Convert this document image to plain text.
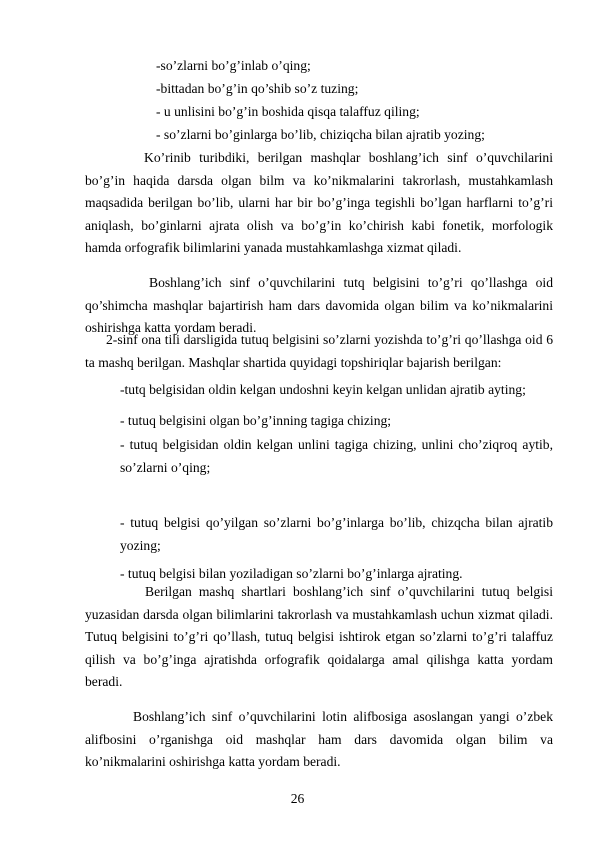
-so’zlarni bo’g’inlab o’qing;
-bittadan bo’g’in qo’shib so’z tuzing;
- u unlisini bo’g’in boshida qisqa talaffuz qiling;
- so’zlarni bo’ginlarga bo’lib, chiziqcha bilan ajratib yozing;
Ko’rinib turibdiki, berilgan mashqlar boshlang’ich sinf o’quvchilarini bo’g’in haqida darsda olgan bilm va ko’nikmalarini takrorlash, mustahkamlash maqsadida berilgan bo’lib, ularni har bir bo’g’inga tegishli bo’lgan harflarni to’g’ri aniqlash, bo’ginlarni ajrata olish va bo’g’in ko’chirish kabi fonetik, morfologik hamda orfografik bilimlarini yanada mustahkamlashga xizmat qiladi.
Boshlang’ich sinf o’quvchilarini tutq belgisini to’g’ri qo’llashga oid qo’shimcha mashqlar bajartirish ham dars davomida olgan bilim va ko’nikmalarini oshirishga katta yordam beradi.
2-sinf ona tili darsligida tutuq belgisini so’zlarni yozishda to’g’ri qo’llashga oid 6 ta mashq berilgan. Mashqlar shartida quyidagi topshiriqlar bajarish berilgan:
-tutq belgisidan oldin kelgan undoshni keyin kelgan unlidan ajratib ayting;
- tutuq belgisini olgan bo’g’inning tagiga chizing;
- tutuq belgisidan oldin kelgan unlini tagiga chizing, unlini cho’ziqroq aytib, so’zlarni o’qing;
- tutuq belgisi qo’yilgan so’zlarni bo’g’inlarga bo’lib, chizqcha bilan ajratib yozing;
- tutuq belgisi bilan yoziladigan so’zlarni bo’g’inlarga ajrating.
Berilgan mashq shartlari boshlang’ich sinf o’quvchilarini tutuq belgisi yuzasidan darsda olgan bilimlarini takrorlash va mustahkamlash uchun xizmat qiladi. Tutuq belgisini to’g’ri qo’llash, tutuq belgisi ishtirok etgan so’zlarni to’g’ri talaffuz qilish va bo’g’inga ajratishda orfografik qoidalarga amal qilishga katta yordam beradi.
Boshlang’ich sinf o’quvchilarini lotin alifbosiga asoslangan yangi o’zbek alifbosini o’rganishga oid mashqlar ham dars davomida olgan bilim va ko’nikmalarini oshirishga katta yordam beradi.
26
